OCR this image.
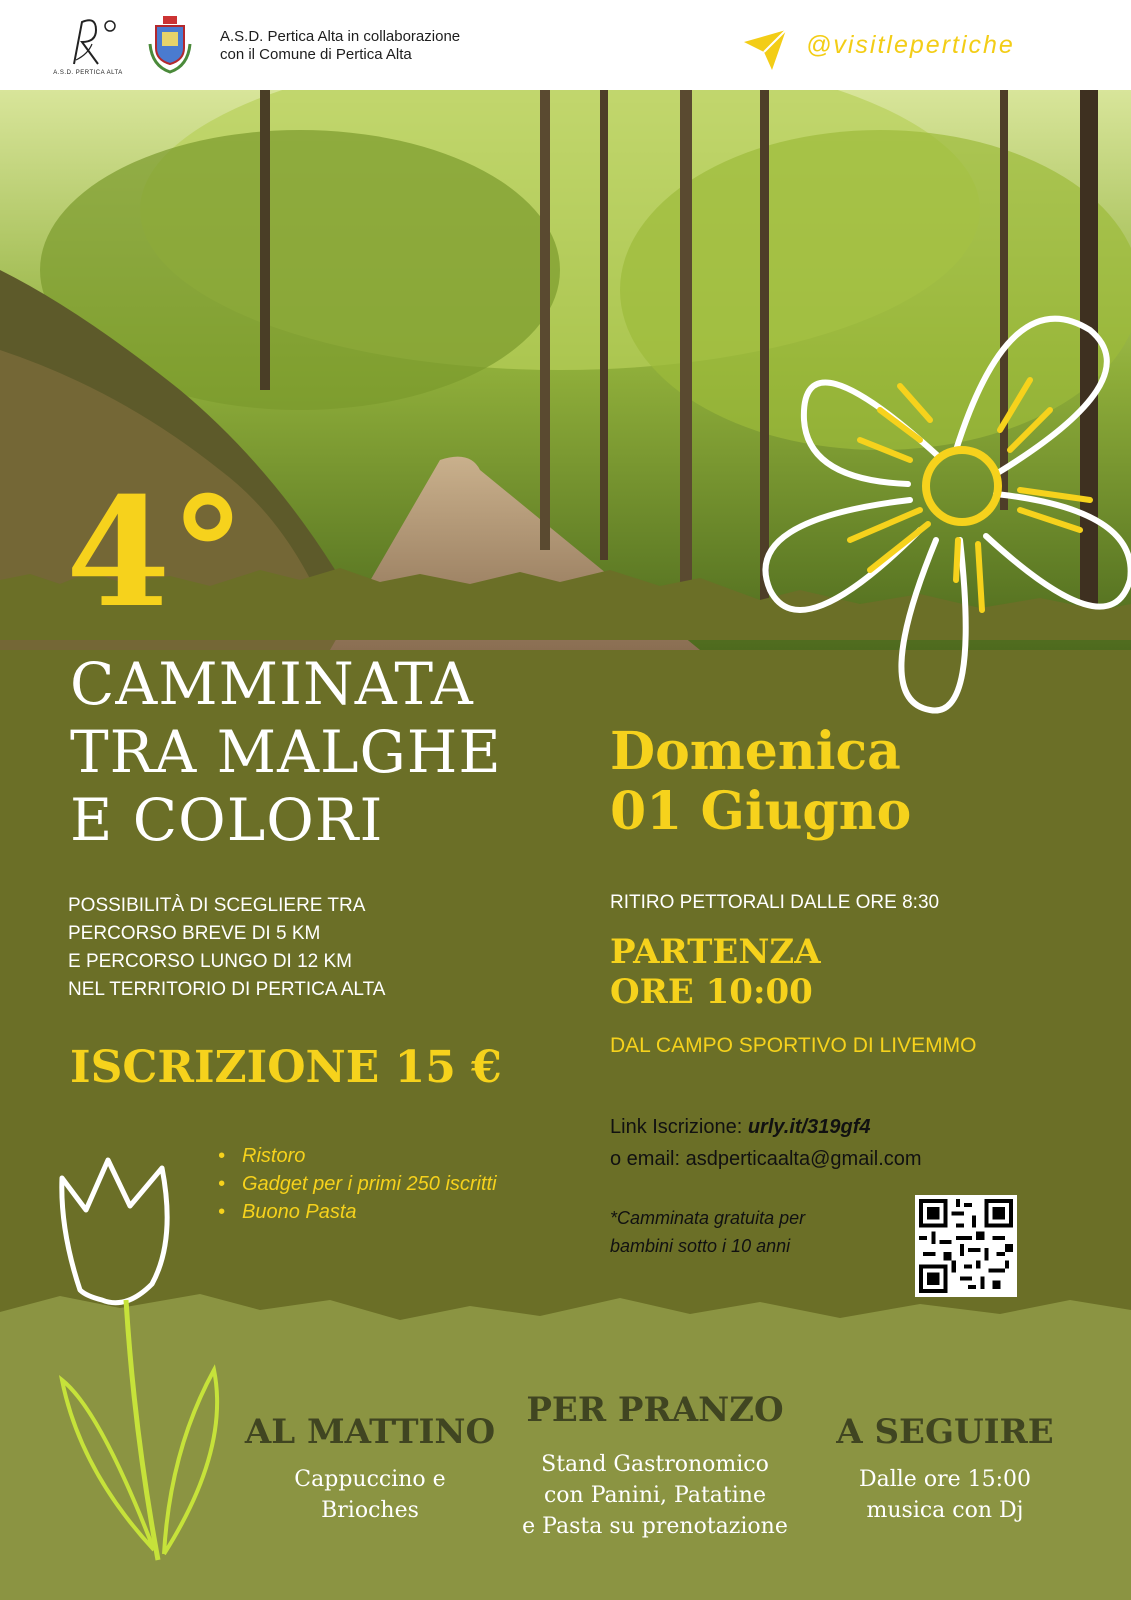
A.S.D. PERTICA ALTA
A.S.D. Pertica Alta in collaborazione
con il Comune di Pertica Alta	@visitlepertiche
4°
CAMMINATA
TRA MALGHE
E COLORI
Domenica
01 Giugno
POSSIBILITÀ DI SCEGLIERE TRA
PERCORSO BREVE DI 5 KM
E PERCORSO LUNGO DI 12 KM
NEL TERRITORIO DI PERTICA ALTA
RITIRO PETTORALI DALLE ORE 8:30
PARTENZA
ORE 10:00
DAL CAMPO SPORTIVO DI LIVEMMO
ISCRIZIONE 15 €
• Ristoro
• Gadget per i primi 250 iscritti
• Buono Pasta
Link Iscrizione: urly.it/319gf4
o email: asdperticaalta@gmail.com
*Camminata gratuita per
bambini sotto i 10 anni
AL MATTINO
Cappuccino e
Brioches
PER PRANZO
Stand Gastronomico
con Panini, Patatine
e Pasta su prenotazione
A SEGUIRE
Dalle ore 15:00
musica con Dj
